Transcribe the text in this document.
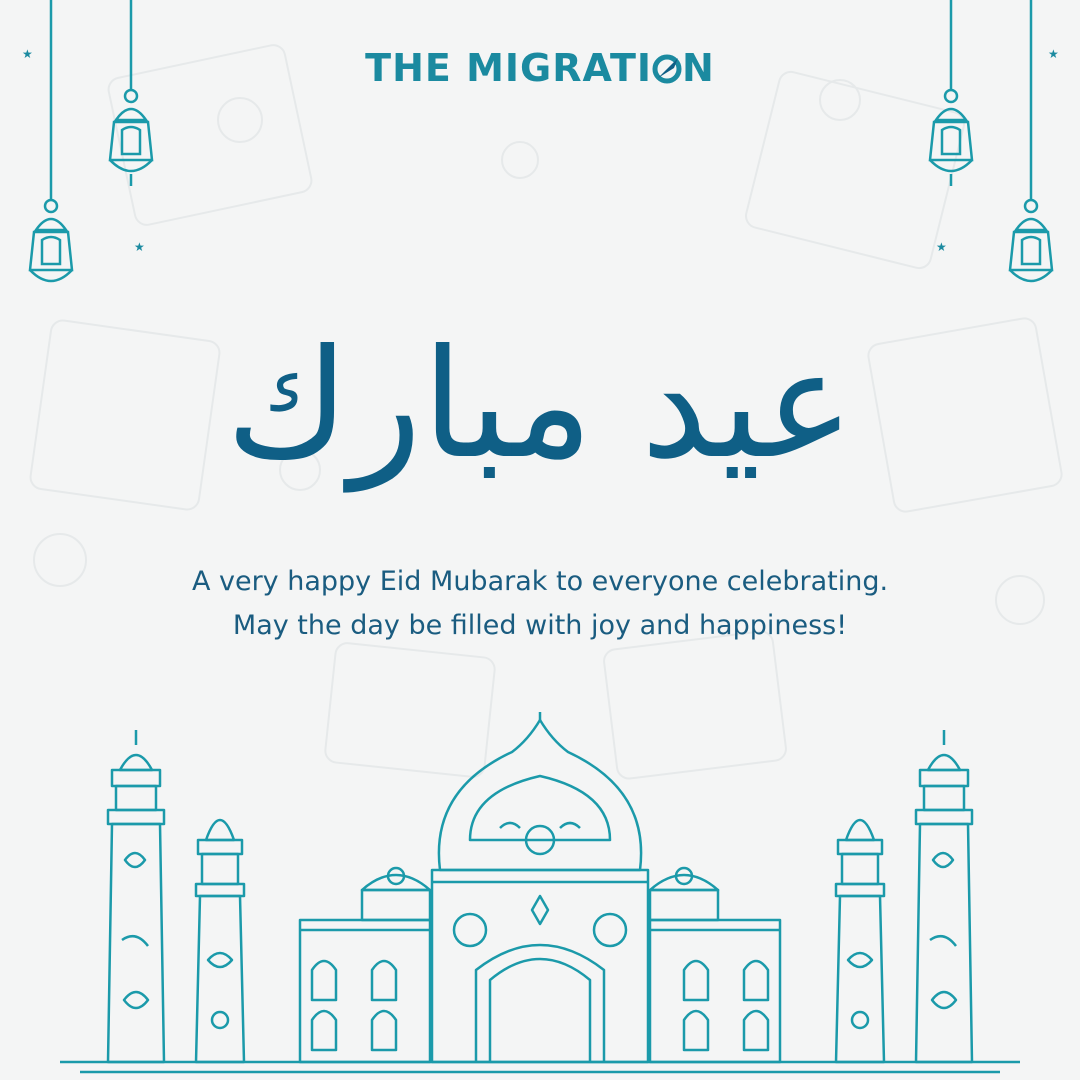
THE MIGRATI N
★	★
★	★
عيد مبارك
A very happy Eid Mubarak to everyone celebrating.
May the day be filled with joy and happiness!
